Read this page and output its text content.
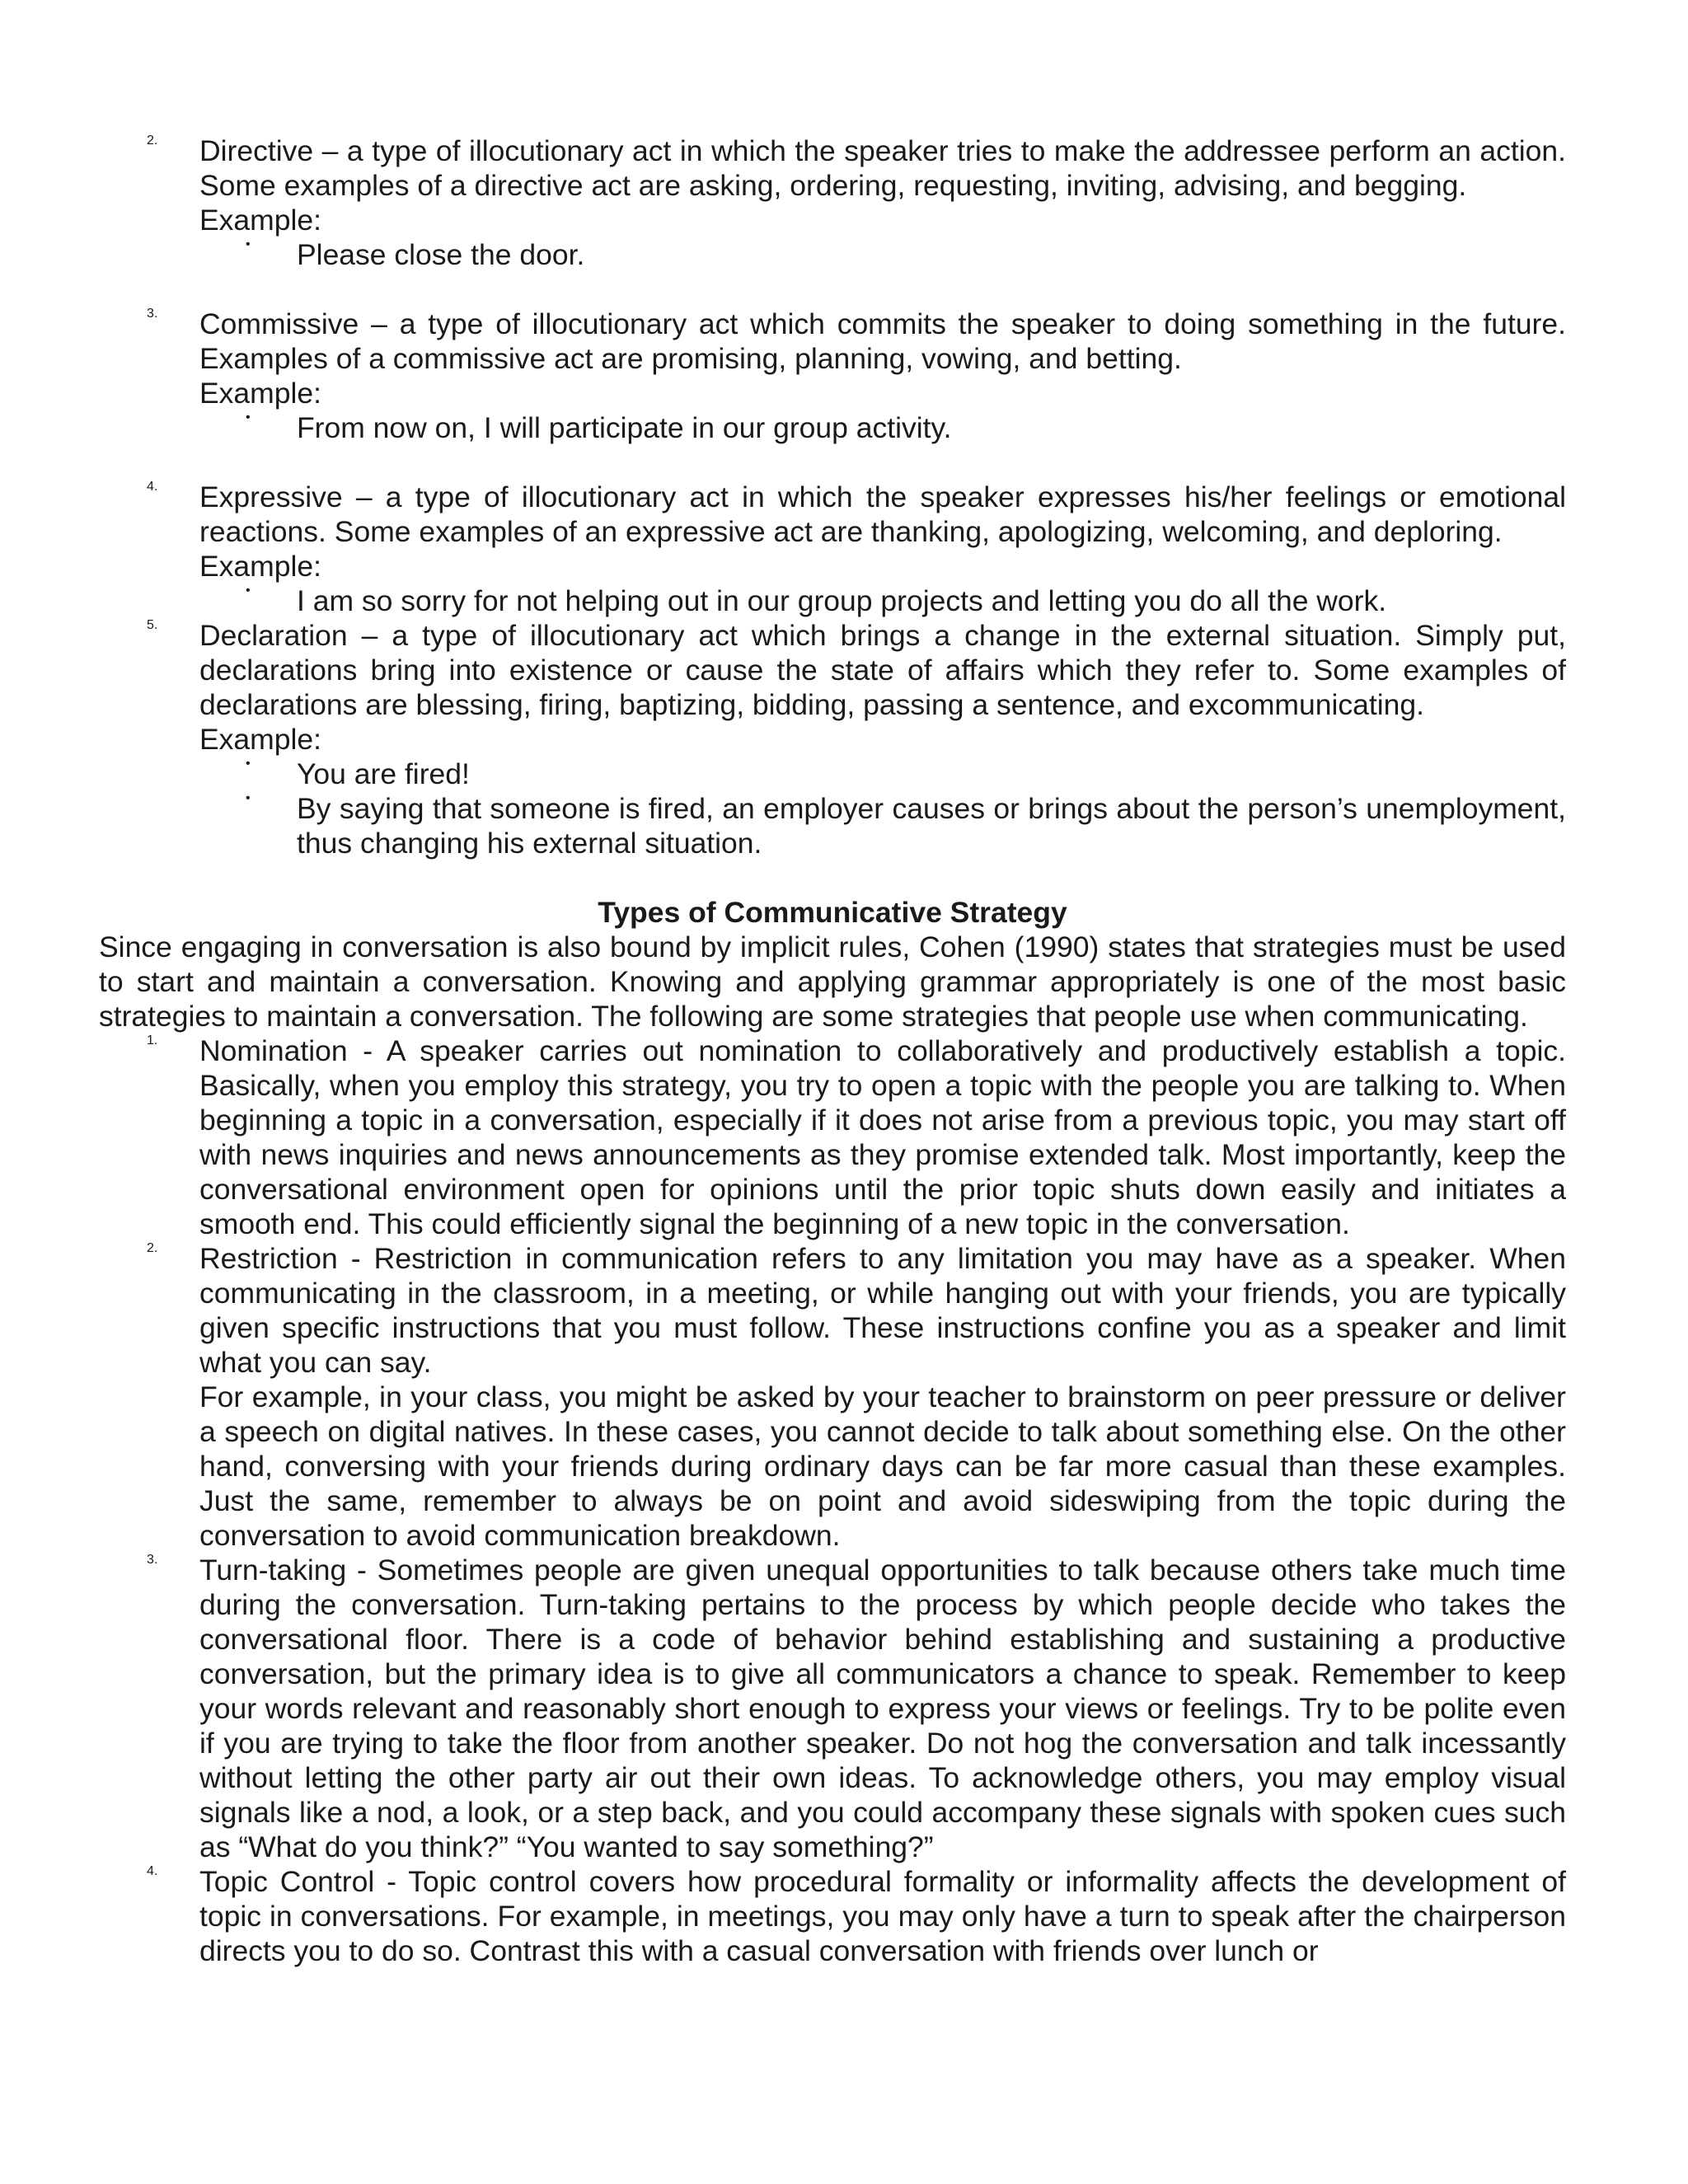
2. Directive – a type of illocutionary act in which the speaker tries to make the addressee perform an action. Some examples of a directive act are asking, ordering, requesting, inviting, advising, and begging.

Example:

• Please close the door.

3. Commissive – a type of illocutionary act which commits the speaker to doing something in the future. Examples of a commissive act are promising, planning, vowing, and betting.

Example:

• From now on, I will participate in our group activity.

4. Expressive – a type of illocutionary act in which the speaker expresses his/her feelings or emotional reactions. Some examples of an expressive act are thanking, apologizing, welcoming, and deploring.

Example:

• I am so sorry for not helping out in our group projects and letting you do all the work.

5. Declaration – a type of illocutionary act which brings a change in the external situation. Simply put, declarations bring into existence or cause the state of affairs which they refer to. Some examples of declarations are blessing, firing, baptizing, bidding, passing a sentence, and excommunicating.

Example:

• You are fired!

• By saying that someone is fired, an employer causes or brings about the person’s unemployment, thus changing his external situation.

Types of Communicative Strategy

Since engaging in conversation is also bound by implicit rules, Cohen (1990) states that strategies must be used to start and maintain a conversation. Knowing and applying grammar appropriately is one of the most basic strategies to maintain a conversation. The following are some strategies that people use when communicating.

1. Nomination - A speaker carries out nomination to collaboratively and productively establish a topic. Basically, when you employ this strategy, you try to open a topic with the people you are talking to. When beginning a topic in a conversation, especially if it does not arise from a previous topic, you may start off with news inquiries and news announcements as they promise extended talk. Most importantly, keep the conversational environment open for opinions until the prior topic shuts down easily and initiates a smooth end. This could efficiently signal the beginning of a new topic in the conversation.

2. Restriction - Restriction in communication refers to any limitation you may have as a speaker. When communicating in the classroom, in a meeting, or while hanging out with your friends, you are typically given specific instructions that you must follow. These instructions confine you as a speaker and limit what you can say.

For example, in your class, you might be asked by your teacher to brainstorm on peer pressure or deliver a speech on digital natives. In these cases, you cannot decide to talk about something else. On the other hand, conversing with your friends during ordinary days can be far more casual than these examples. Just the same, remember to always be on point and avoid sideswiping from the topic during the conversation to avoid communication breakdown.

3. Turn-taking - Sometimes people are given unequal opportunities to talk because others take much time during the conversation. Turn-taking pertains to the process by which people decide who takes the conversational floor. There is a code of behavior behind establishing and sustaining a productive conversation, but the primary idea is to give all communicators a chance to speak. Remember to keep your words relevant and reasonably short enough to express your views or feelings. Try to be polite even if you are trying to take the floor from another speaker. Do not hog the conversation and talk incessantly without letting the other party air out their own ideas. To acknowledge others, you may employ visual signals like a nod, a look, or a step back, and you could accompany these signals with spoken cues such as “What do you think?” “You wanted to say something?”

4. Topic Control - Topic control covers how procedural formality or informality affects the development of topic in conversations. For example, in meetings, you may only have a turn to speak after the chairperson directs you to do so. Contrast this with a casual conversation with friends over lunch or
